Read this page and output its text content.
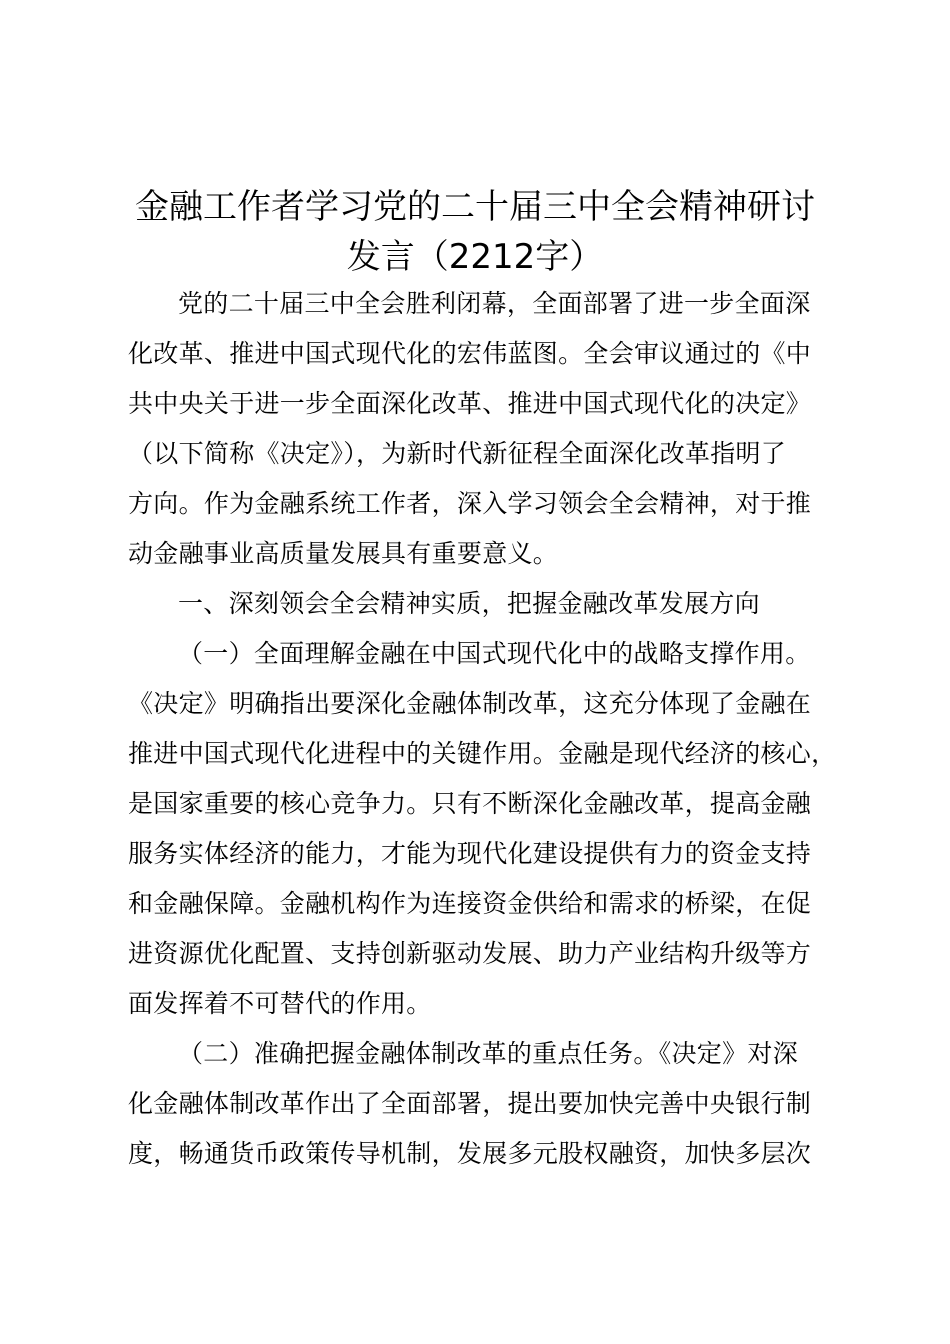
金融工作者学习党的二十届三中全会精神研讨
发言（2212字）
党的二十届三中全会胜利闭幕，全面部署了进一步全面深
化改革、推进中国式现代化的宏伟蓝图。全会审议通过的《中
共中央关于进一步全面深化改革、推进中国式现代化的决定》
（以下简称《决定》），为新时代新征程全面深化改革指明了
方向。作为金融系统工作者，深入学习领会全会精神，对于推
动金融事业高质量发展具有重要意义。
一、深刻领会全会精神实质，把握金融改革发展方向
（一）全面理解金融在中国式现代化中的战略支撑作用。
《决定》明确指出要深化金融体制改革，这充分体现了金融在
推进中国式现代化进程中的关键作用。金融是现代经济的核心，
是国家重要的核心竞争力。只有不断深化金融改革，提高金融
服务实体经济的能力，才能为现代化建设提供有力的资金支持
和金融保障。金融机构作为连接资金供给和需求的桥梁，在促
进资源优化配置、支持创新驱动发展、助力产业结构升级等方
面发挥着不可替代的作用。
（二）准确把握金融体制改革的重点任务。《决定》对深
化金融体制改革作出了全面部署，提出要加快完善中央银行制
度，畅通货币政策传导机制，发展多元股权融资，加快多层次
